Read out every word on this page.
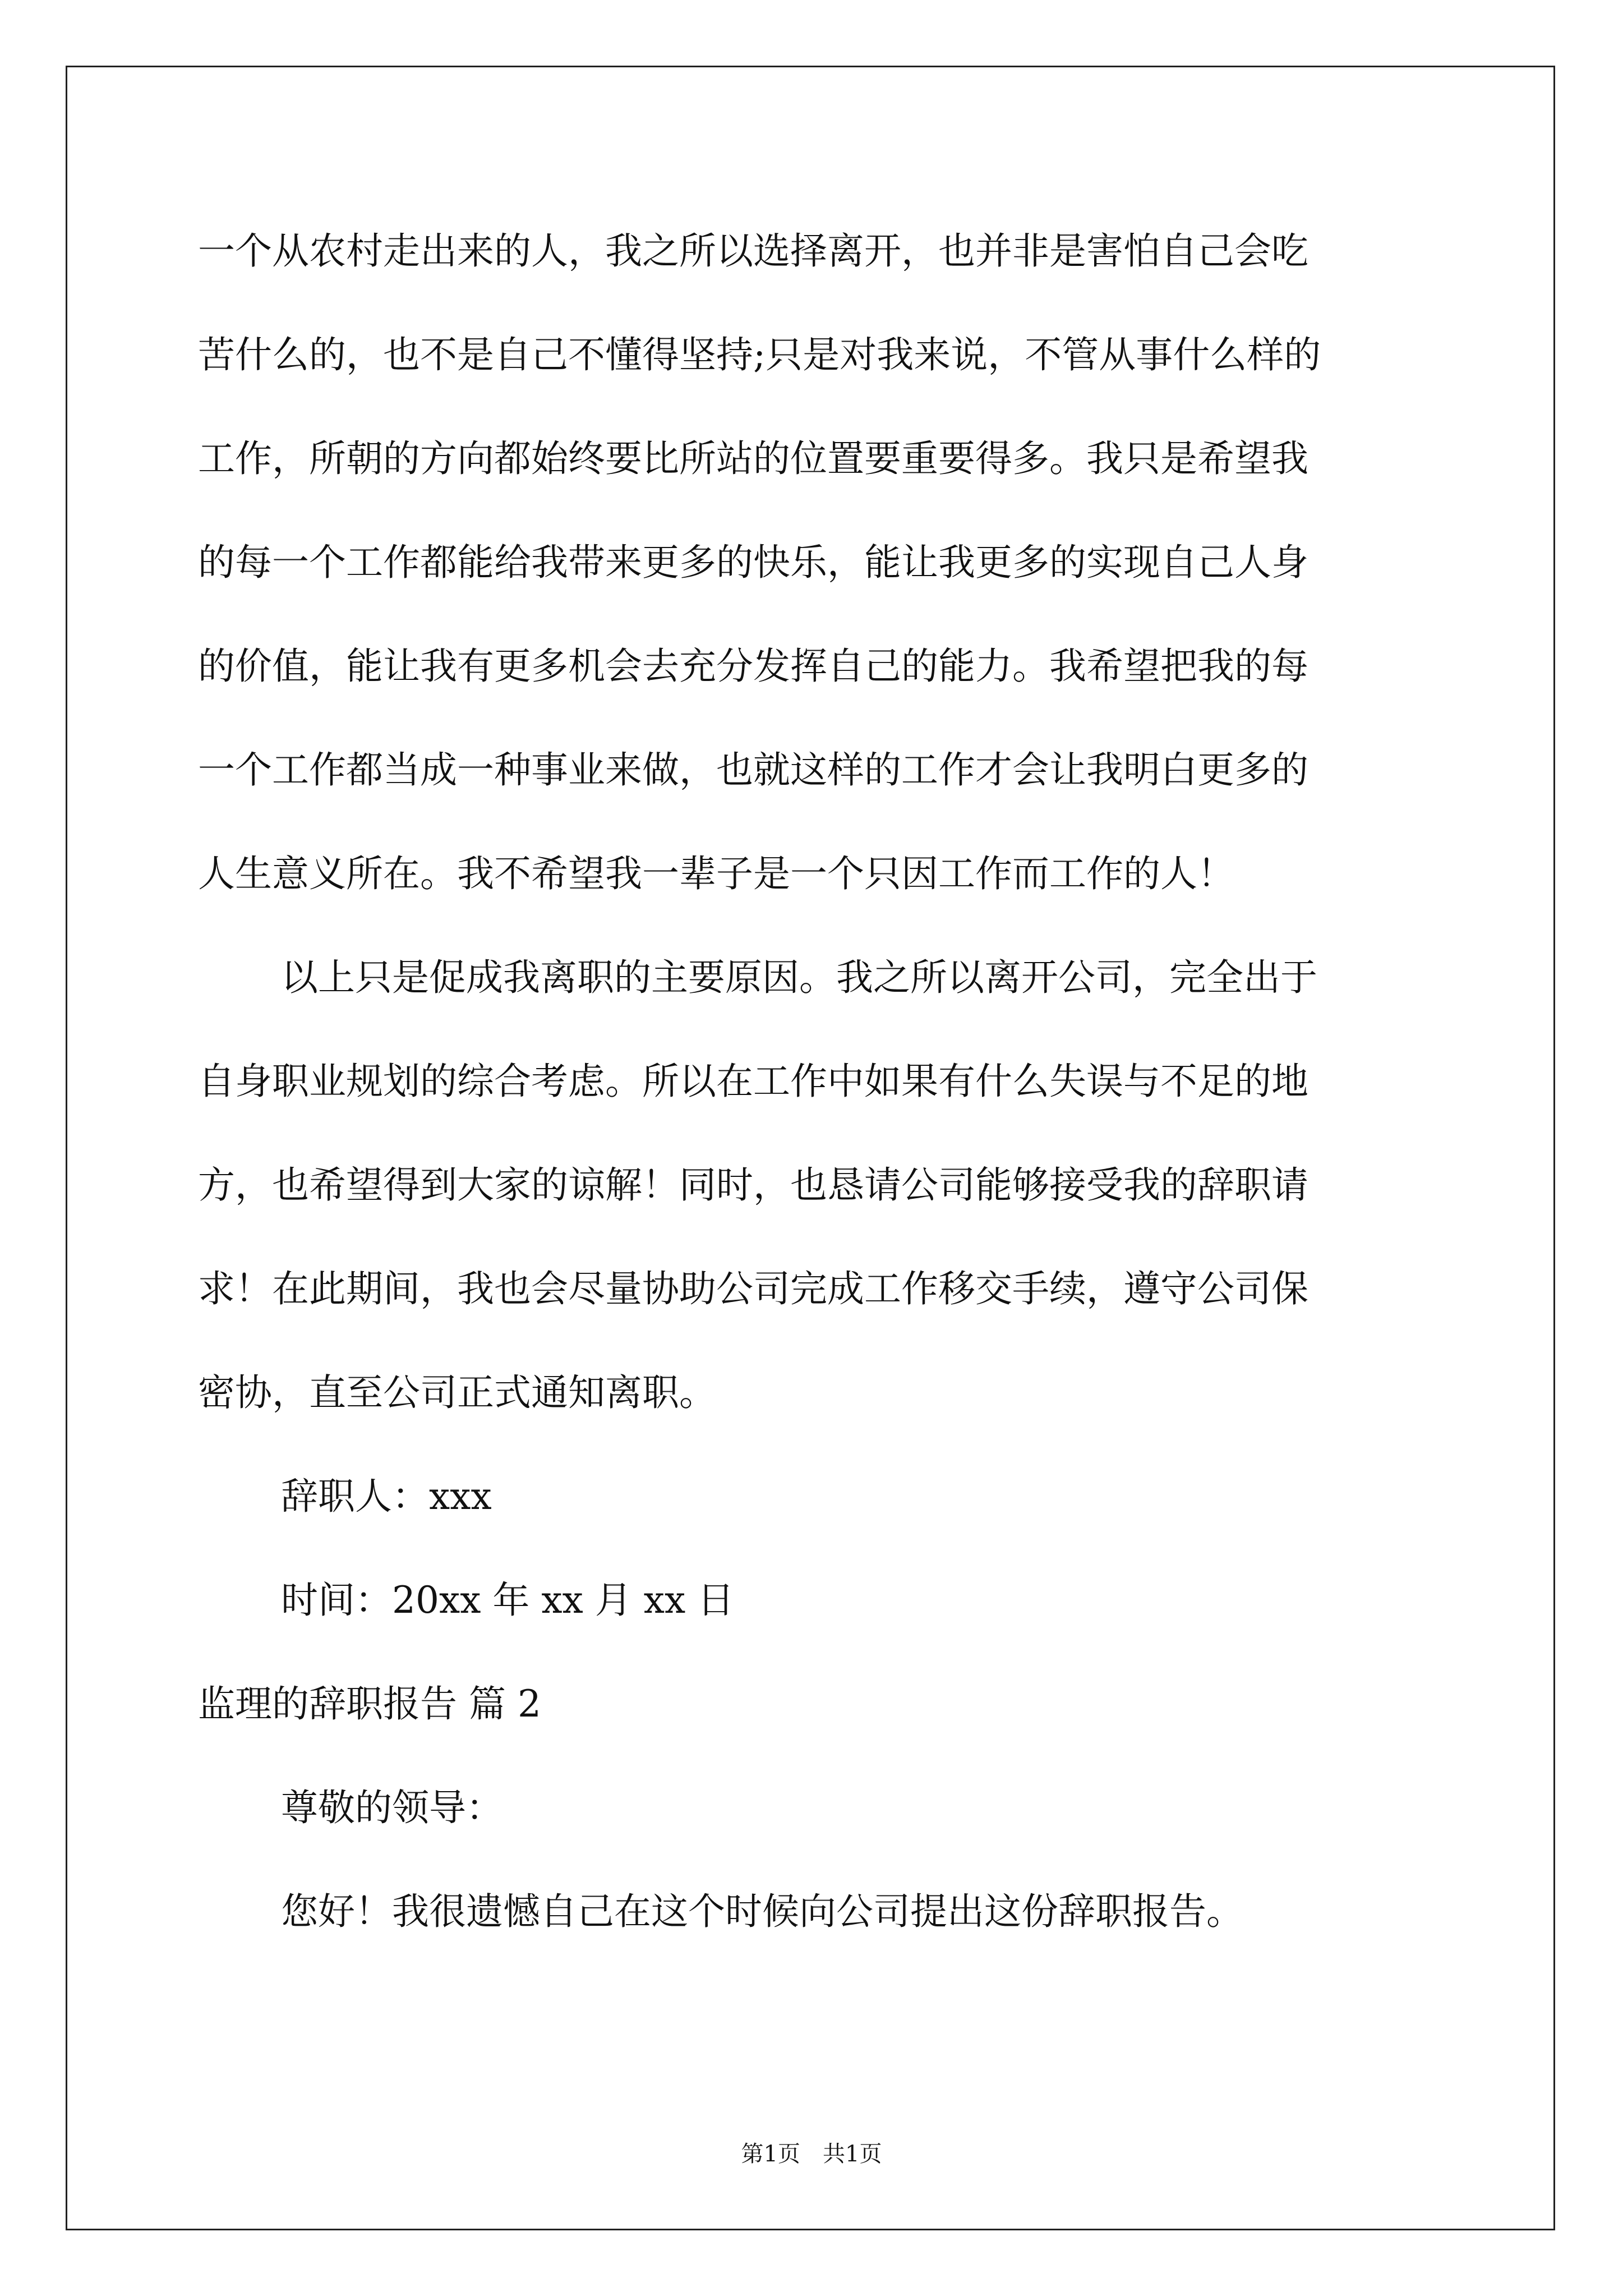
一个从农村走出来的人，我之所以选择离开，也并非是害怕自己会吃
苦什么的，也不是自己不懂得坚持;只是对我来说，不管从事什么样的
工作，所朝的方向都始终要比所站的位置要重要得多。我只是希望我
的每一个工作都能给我带来更多的快乐，能让我更多的实现自己人身
的价值，能让我有更多机会去充分发挥自己的能力。我希望把我的每
一个工作都当成一种事业来做，也就这样的工作才会让我明白更多的
人生意义所在。我不希望我一辈子是一个只因工作而工作的人！
以上只是促成我离职的主要原因。我之所以离开公司，完全出于
自身职业规划的综合考虑。所以在工作中如果有什么失误与不足的地
方，也希望得到大家的谅解！同时，也恳请公司能够接受我的辞职请
求！在此期间，我也会尽量协助公司完成工作移交手续，遵守公司保
密协，直至公司正式通知离职。
辞职人：xxx
时间：20xx 年 xx 月 xx 日
监理的辞职报告 篇 2
尊敬的领导：
您好！我很遗憾自己在这个时候向公司提出这份辞职报告。
第1页　共1页
